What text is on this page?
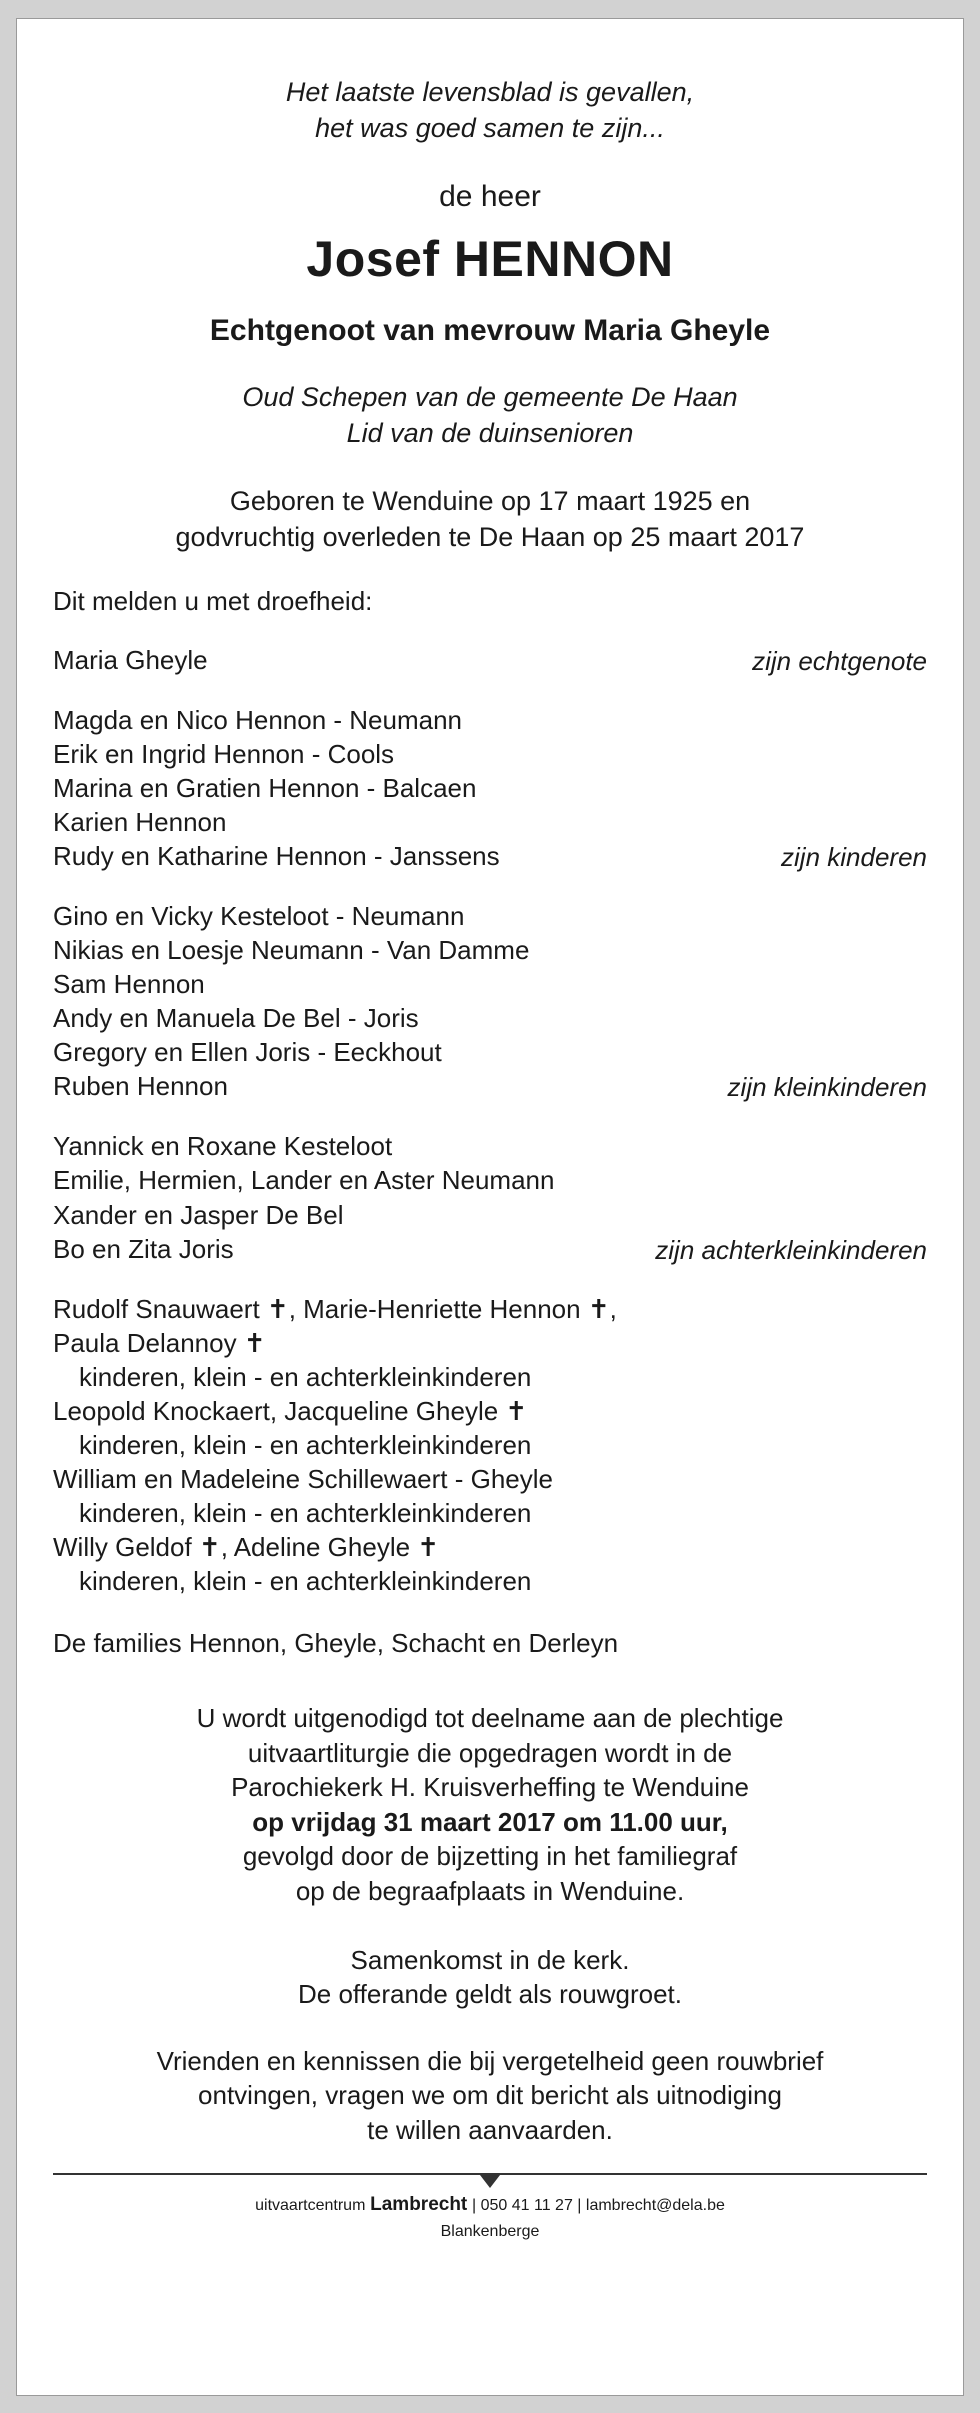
Het laatste levensblad is gevallen,
het was goed samen te zijn...
de heer
Josef HENNON
Echtgenoot van mevrouw Maria Gheyle
Oud Schepen van de gemeente De Haan
Lid van de duinsenioren
Geboren te Wenduine op 17 maart 1925 en
godvruchtig overleden te De Haan op 25 maart 2017
Dit melden u met droefheid:
Maria Gheyle	zijn echtgenote
Magda en Nico Hennon - Neumann
Erik en Ingrid Hennon - Cools
Marina en Gratien Hennon - Balcaen
Karien Hennon
Rudy en Katharine Hennon - Janssens	zijn kinderen
Gino en Vicky Kesteloot - Neumann
Nikias en Loesje Neumann - Van Damme
Sam Hennon
Andy en Manuela De Bel - Joris
Gregory en Ellen Joris - Eeckhout
Ruben Hennon	zijn kleinkinderen
Yannick en Roxane Kesteloot
Emilie, Hermien, Lander en Aster Neumann
Xander en Jasper De Bel
Bo en Zita Joris	zijn achterkleinkinderen
Rudolf Snauwaert ✝, Marie-Henriette Hennon ✝,
Paula Delannoy ✝
kinderen, klein - en achterkleinkinderen
Leopold Knockaert, Jacqueline Gheyle ✝
kinderen, klein - en achterkleinkinderen
William en Madeleine Schillewaert - Gheyle
kinderen, klein - en achterkleinkinderen
Willy Geldof ✝, Adeline Gheyle ✝
kinderen, klein - en achterkleinkinderen
De families Hennon, Gheyle, Schacht en Derleyn
U wordt uitgenodigd tot deelname aan de plechtige
uitvaartliturgie die opgedragen wordt in de
Parochiekerk H. Kruisverheffing te Wenduine
op vrijdag 31 maart 2017 om 11.00 uur,
gevolgd door de bijzetting in het familiegraf
op de begraafplaats in Wenduine.
Samenkomst in de kerk.
De offerande geldt als rouwgroet.
Vrienden en kennissen die bij vergetelheid geen rouwbrief
ontvingen, vragen we om dit bericht als uitnodiging
te willen aanvaarden.
uitvaartcentrum Lambrecht | 050 41 11 27 | lambrecht@dela.be
Blankenberge
